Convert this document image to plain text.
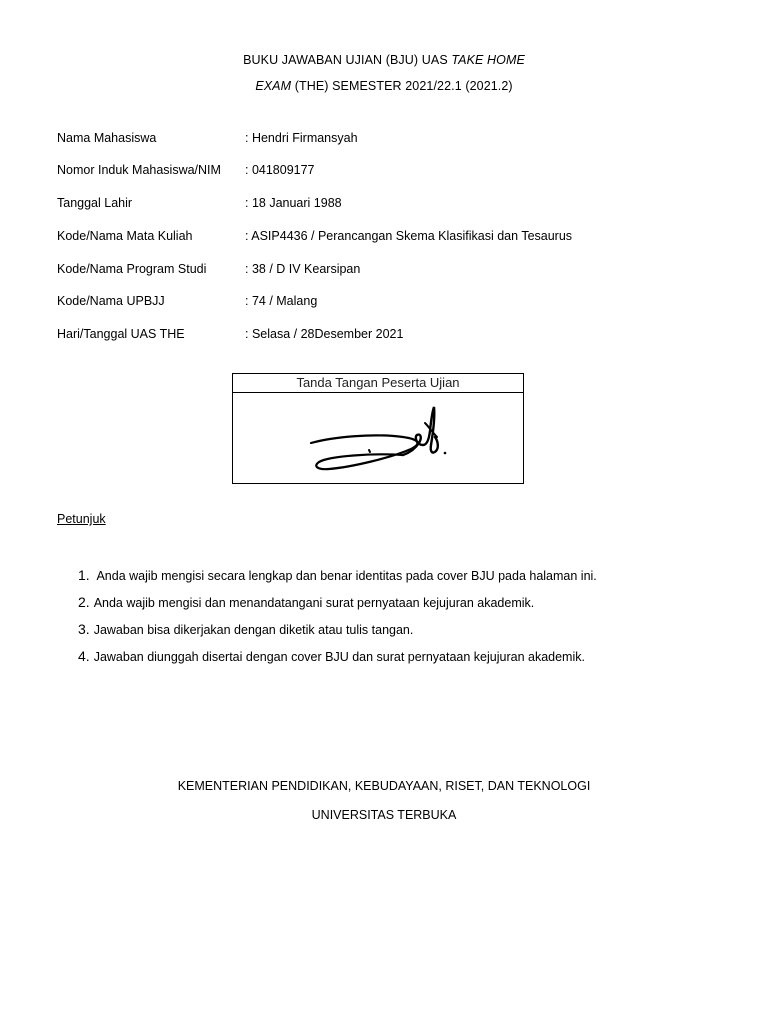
BUKU JAWABAN UJIAN (BJU) UAS TAKE HOME
EXAM (THE) SEMESTER 2021/22.1 (2021.2)
Nama Mahasiswa	: Hendri Firmansyah
Nomor Induk Mahasiswa/NIM : 041809177
Tanggal Lahir	: 18 Januari 1988
Kode/Nama Mata Kuliah	: ASIP4436 / Perancangan Skema Klasifikasi dan Tesaurus
Kode/Nama Program Studi	: 38 / D IV Kearsipan
Kode/Nama UPBJJ	: 74 / Malang
Hari/Tanggal UAS THE	: Selasa / 28Desember 2021
Tanda Tangan Peserta Ujian
Petunjuk
1. Anda wajib mengisi secara lengkap dan benar identitas pada cover BJU pada halaman ini.
2. Anda wajib mengisi dan menandatangani surat pernyataan kejujuran akademik.
3. Jawaban bisa dikerjakan dengan diketik atau tulis tangan.
4. Jawaban diunggah disertai dengan cover BJU dan surat pernyataan kejujuran akademik.
KEMENTERIAN PENDIDIKAN, KEBUDAYAAN, RISET, DAN TEKNOLOGI
UNIVERSITAS TERBUKA
